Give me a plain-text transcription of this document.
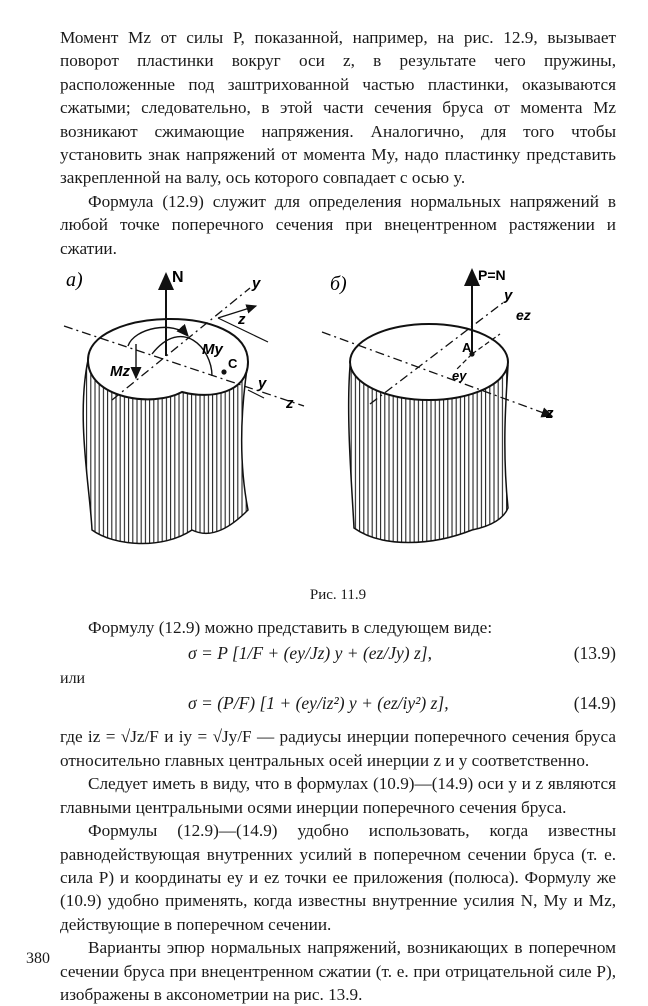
Момент Mz от силы P, показанной, например, на рис. 12.9, вызывает поворот пластинки вокруг оси z, в результате чего пружины, расположенные под заштрихованной частью пластинки, оказываются сжатыми; следовательно, в этой части сечения бруса от момента Mz возникают сжимающие напряжения. Аналогично, для того чтобы установить знак напряжений от момента My, надо пластинку представить закрепленной на валу, ось которого совпадает с осью y.

Формула (12.9) служит для определения нормальных напряжений в любой точке поперечного сечения при внецентренном растяжении и сжатии.

а)	N	y
z
My
Mz	C
y
z
б)	P=N
y
ez
A
ey
z
Рис. 11.9

Формулу (12.9) можно представить в следующем виде:

σ = P [1/F + (ey/Jz) y + (ez/Jy) z],	(13.9)
или
σ = (P/F) [1 + (ey/iz²) y + (ez/iy²) z],	(14.9)

где iz = √Jz/F и iy = √Jy/F — радиусы инерции поперечного сечения бруса относительно главных центральных осей инерции z и y соответственно.

Следует иметь в виду, что в формулах (10.9)—(14.9) оси y и z являются главными центральными осями инерции поперечного сечения бруса.

Формулы (12.9)—(14.9) удобно использовать, когда известны равнодействующая внутренних усилий в поперечном сечении бруса (т. е. сила P) и координаты ey и ez точки ее приложения (полюса). Формулу же (10.9) удобно применять, когда известны внутренние усилия N, My и Mz, действующие в поперечном сечении.

Варианты эпюр нормальных напряжений, возникающих в поперечном сечении бруса при внецентренном сжатии (т. е. при отрицательной силе P), изображены в аксонометрии на рис. 13.9.

380
